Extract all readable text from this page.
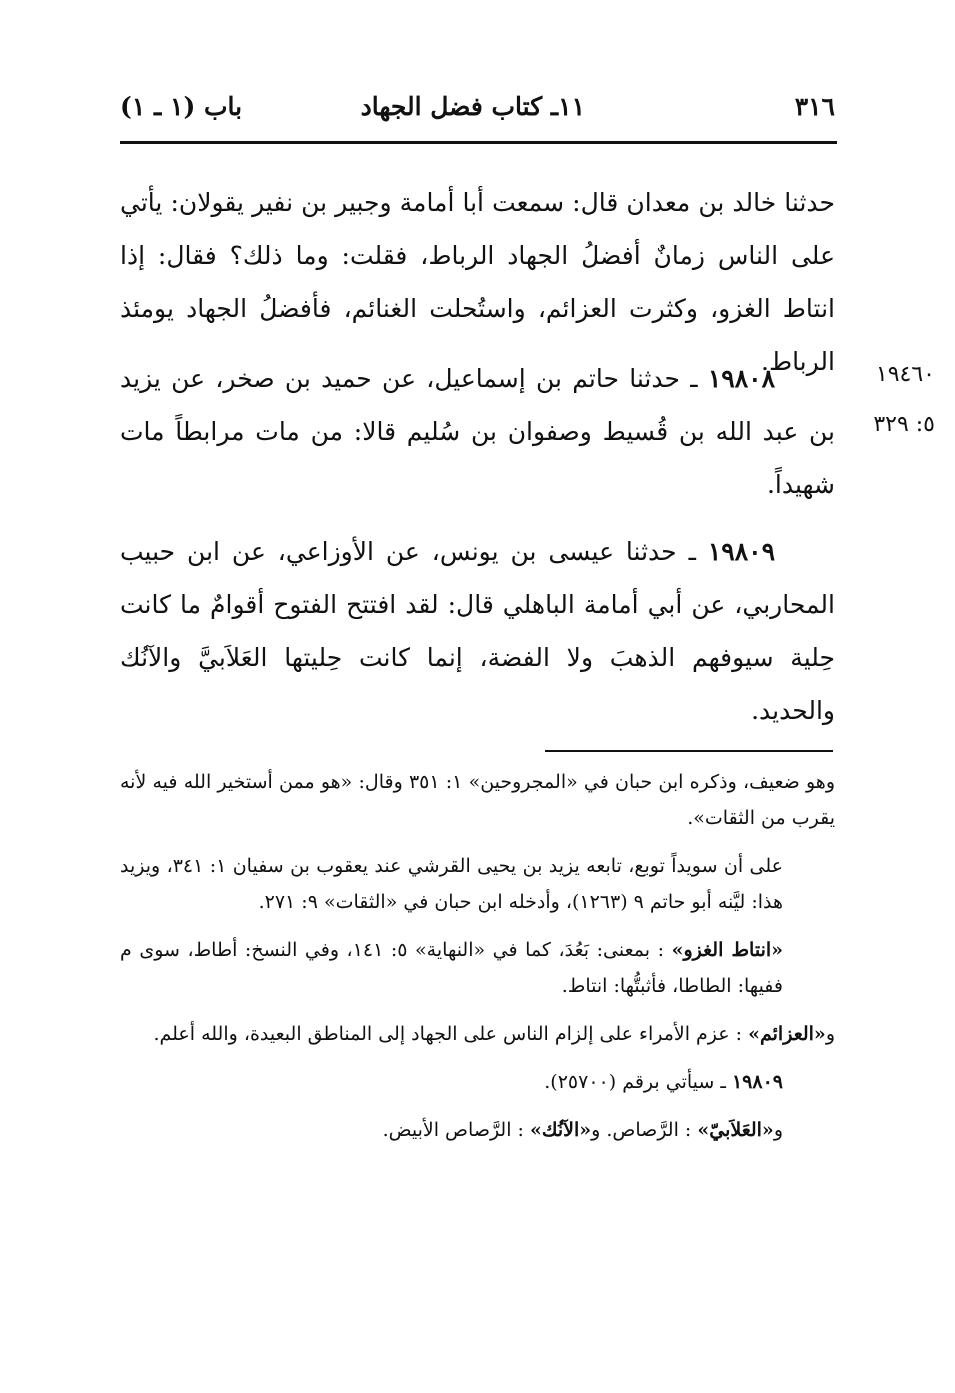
٣١٦
١١ـ كتاب فضل الجهاد
باب (١ ـ ١)

حدثنا خالد بن معدان قال: سمعت أبا أمامة وجبير بن نفير يقولان: يأتي على الناس زمانٌ أفضلُ الجهاد الرباط، فقلت: وما ذلك؟ فقال: إذا انتاط الغزو، وكثرت العزائم، واستُحلت الغنائم، فأفضلُ الجهاد يومئذ الرباط.	١٩٤٦٠
٥: ٣٢٩

١٩٨٠٨ ـ حدثنا حاتم بن إسماعيل، عن حميد بن صخر، عن يزيد بن عبد الله بن قُسيط وصفوان بن سُليم قالا: من مات مرابطاً مات شهيداً.

١٩٨٠٩ ـ حدثنا عيسى بن يونس، عن الأوزاعي، عن ابن حبيب المحاربي، عن أبي أمامة الباهلي قال: لقد افتتح الفتوح أقوامٌ ما كانت حِلية سيوفهم الذهبَ ولا الفضة، إنما كانت حِليتها العَلاَبيَّ والآنُك والحديد.

وهو ضعيف، وذكره ابن حبان في «المجروحين» ١: ٣٥١ وقال: «هو ممن أستخير الله فيه لأنه يقرب من الثقات».

على أن سويداً توبع، تابعه يزيد بن يحيى القرشي عند يعقوب بن سفيان ١: ٣٤١، ويزيد هذا: ليَّنه أبو حاتم ٩ (١٢٦٣)، وأدخله ابن حبان في «الثقات» ٩: ٢٧١.

«انتاط الغزو» : بمعنى: بَعُدَ، كما في «النهاية» ٥: ١٤١، وفي النسخ: أطاط، سوى م ففيها: الطاطا، فأثبتُّها: انتاط.

و«العزائم» : عزم الأمراء على إلزام الناس على الجهاد إلى المناطق البعيدة، والله أعلم.

١٩٨٠٩ ـ سيأتي برقم (٢٥٧٠٠).

و«العَلاَبيّ» : الرَّصاص. و«الآنُك» : الرَّصاص الأبيض.
